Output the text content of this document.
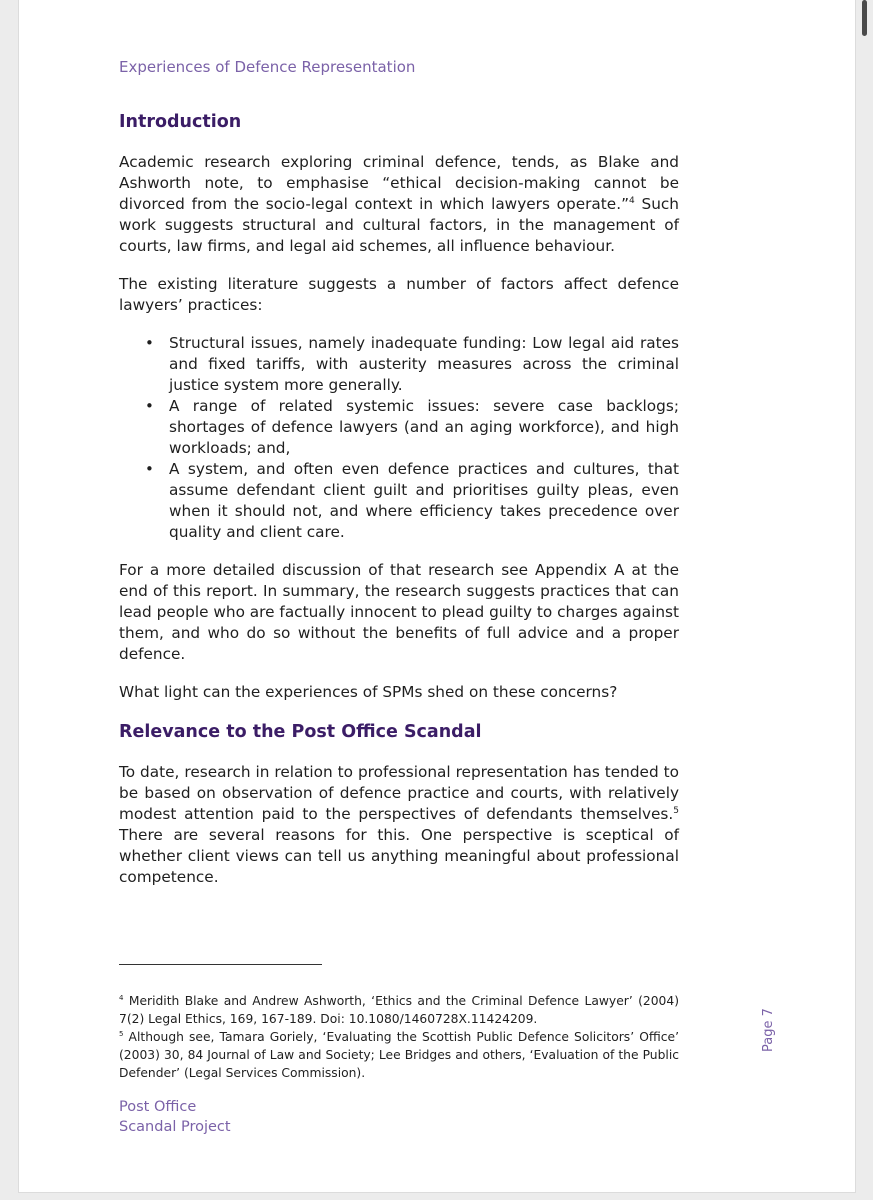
Experiences of Defence Representation
Introduction

Academic research exploring criminal defence, tends, as Blake and Ashworth note, to emphasise “ethical decision-making cannot be divorced from the socio-legal context in which lawyers operate.”$^4$ Such work suggests structural and cultural factors, in the management of courts, law firms, and legal aid schemes, all influence behaviour.

The existing literature suggests a number of factors affect defence lawyers’ practices:

• Structural issues, namely inadequate funding: Low legal aid rates and fixed tariffs, with austerity measures across the criminal justice system more generally.
• A range of related systemic issues: severe case backlogs; shortages of defence lawyers (and an aging workforce), and high workloads; and,
• A system, and often even defence practices and cultures, that assume defendant client guilt and prioritises guilty pleas, even when it should not, and where efficiency takes precedence over quality and client care.

For a more detailed discussion of that research see Appendix A at the end of this report. In summary, the research suggests practices that can lead people who are factually innocent to plead guilty to charges against them, and who do so without the benefits of full advice and a proper defence.

What light can the experiences of SPMs shed on these concerns?

Relevance to the Post Office Scandal

To date, research in relation to professional representation has tended to be based on observation of defence practice and courts, with relatively modest attention paid to the perspectives of defendants themselves.$^5$ There are several reasons for this. One perspective is sceptical of whether client views can tell us anything meaningful about professional competence.

$^4$ Meridith Blake and Andrew Ashworth, ‘Ethics and the Criminal Defence Lawyer’ (2004) 7(2) Legal Ethics, 169, 167-189. Doi: 10.1080/1460728X.11424209.

$^5$ Although see, Tamara Goriely, ‘Evaluating the Scottish Public Defence Solicitors’ Office’ (2003) 30, 84 Journal of Law and Society; Lee Bridges and others, ‘Evaluation of the Public Defender’ (Legal Services Commission).

Post Office
Scandal Project
Page 7
